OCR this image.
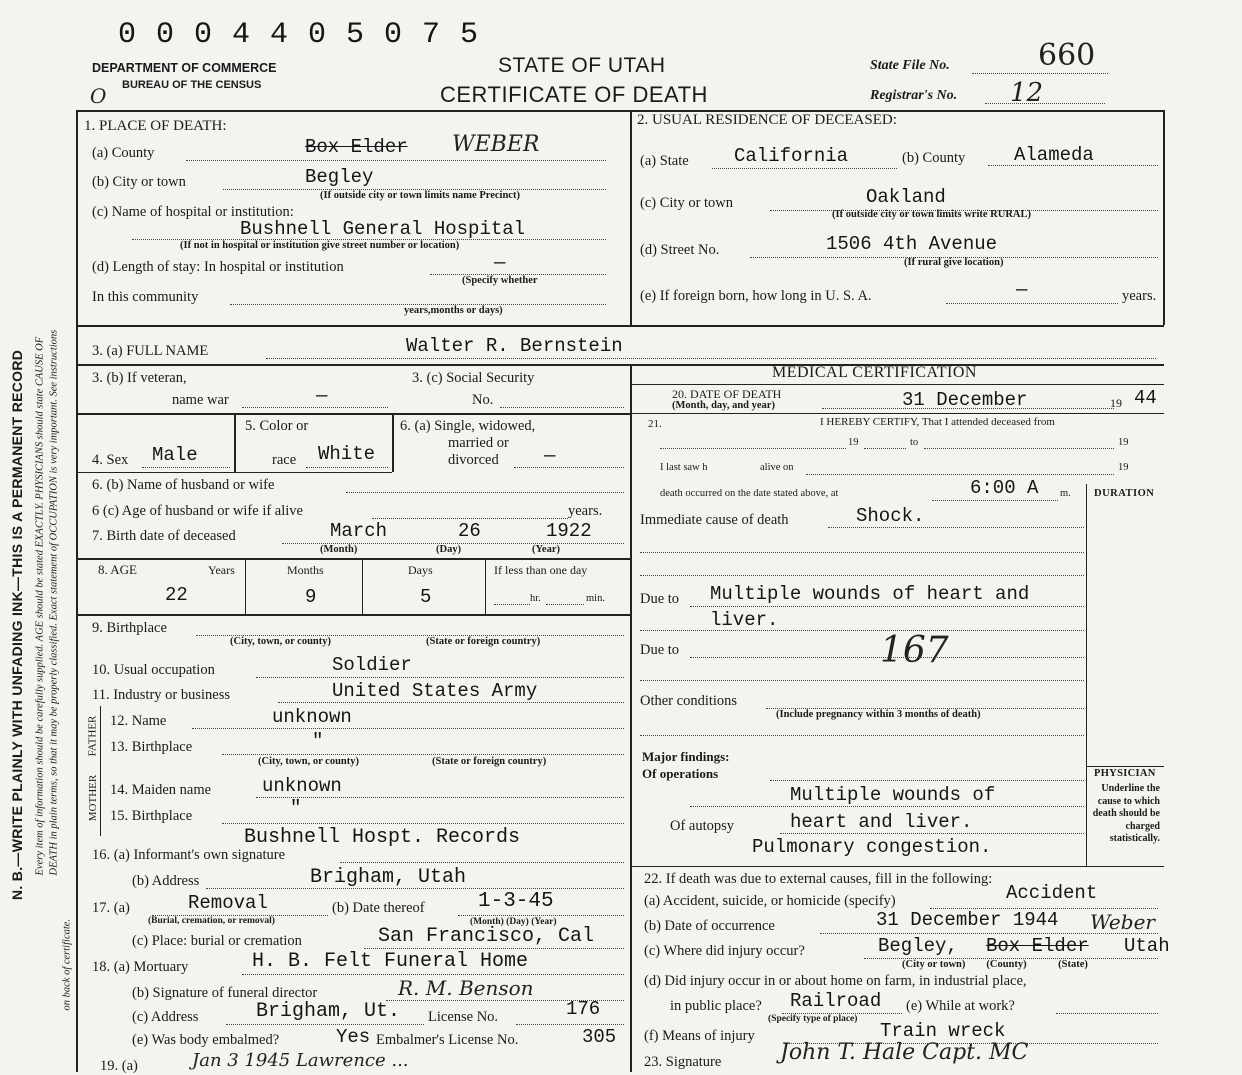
0 0 0 4 4 0 5 0 7 5
DEPARTMENT OF COMMERCE
BUREAU OF THE CENSUS
O
STATE OF UTAH
CERTIFICATE OF DEATH
State File No.	660
Registrar's No. 12
N. B.—WRITE PLAINLY WITH UNFADING INK—THIS IS A PERMANENT RECORD Every item of information should be carefully supplied. AGE should be stated EXACTLY. PHYSICIANS should state CAUSE OF DEATH in plain terms, so that it may be properly classified. Exact statement of OCCUPATION is very important. See instructions
on back of certificate.
1. PLACE OF DEATH:
(a) County	Box Elder WEBER
(b) City or town	Begley
(If outside city or town limits name Precinct)
(c) Name of hospital or institution:
Bushnell General Hospital
(If not in hospital or institution give street number or location)
(d) Length of stay: In hospital or institution	—
(Specify whether
In this community
years,months or days)
2. USUAL RESIDENCE OF DECEASED:
(a) State California	(b) County	Alameda
(c) City or town	Oakland
(If outside city or town limits write RURAL)
(d) Street No.	1506 4th Avenue
(If rural give location)
(e) If foreign born, how long in U. S. A.	—	years.
3. (a) FULL NAME	Walter R. Bernstein
3. (b) If veteran,
name war	—
3. (c) Social Security
No.
4. Sex Male
5. Color or
race White
6. (a) Single, widowed,
married or
divorced —
6. (b) Name of husband or wife
6 (c) Age of husband or wife if alive	years.
7. Birth date of deceased	March	26	1922
(Month)	(Day)	(Year)
8. AGE	Years	Months	Days	If less than one day
22	9	5	hr.	min.
9. Birthplace
(City, town, or county)	(State or foreign country)
10. Usual occupation	Soldier
11. Industry or business	United States Army
FATHER
MOTHER
12. Name	unknown
13. Birthplace	"
(City, town, or county)	(State or foreign country)
14. Maiden name	unknown
15. Birthplace	"
Bushnell Hospt. Records
16. (a) Informant's own signature
(b) Address	Brigham, Utah
17. (a)	Removal
(Burial, cremation, or removal)
(b) Date thereof	1-3-45
(Month) (Day) (Year)
(c) Place: burial or cremation	San Francisco, Cal
18. (a) Mortuary	H. B. Felt Funeral Home
(b) Signature of funeral director	R. M. Benson
(c) Address	Brigham, Ut. License No.	176
(e) Was body embalmed?	Yes Embalmer's License No.	305
19. (a)	Jan 3 1945 Lawrence ...
MEDICAL CERTIFICATION
20. DATE OF DEATH
(Month, day, and year)	31 December	19 44
21.	I HEREBY CERTIFY, That I attended deceased from
19	to	19
I last saw h	alive on	19
death occurred on the date stated above, at	6:00 A m. DURATION
Immediate cause of death	Shock.
Due to Multiple wounds of heart and
liver.
Due to	167
Other conditions
(Include pregnancy within 3 months of death)
Major findings:
Of operations
Multiple wounds of
Of autopsy	heart and liver.
Pulmonary congestion.
PHYSICIAN
Underline the cause to which death should be charged statistically.
22. If death was due to external causes, fill in the following:
(a) Accident, suicide, or homicide (specify)	Accident
(b) Date of occurrence	31 December 1944 Weber
(c) Where did injury occur?	Begley, Box Elder Utah
(City or town)        (County)            (State)
(d) Did injury occur in or about home on farm, in industrial place,
in public place? Railroad (e) While at work?
(Specify type of place)
(f) Means of injury	Train wreck
23. Signature	John T. Hale Capt. MC
